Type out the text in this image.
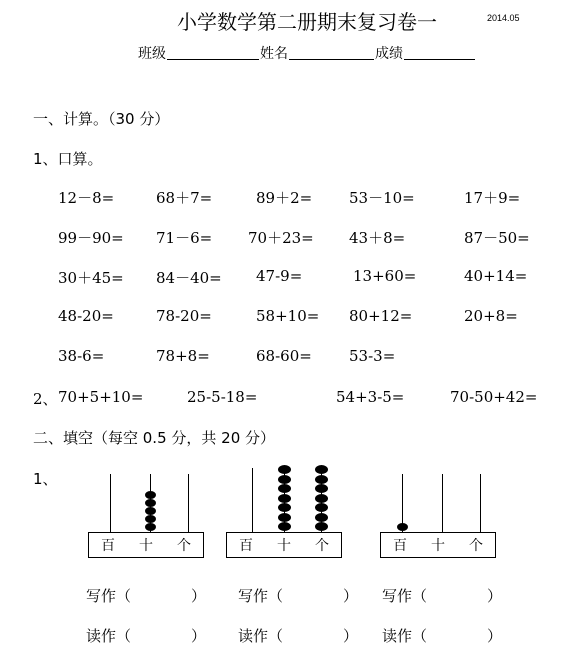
小学数学第二册期末复习卷一	2014.05
班级	姓名	成绩
一、计算。（30 分）
1、口算。
12－8=	68＋7=	89＋2= 53－10=	17＋9=
99－90= 71－6= 70＋23= 43＋8=	87－50=
30＋45= 84－40= 47-9=	13+60=	40+14=
48-20=	78-20=	58+10= 80+12=	20+8=
38-6=	78+8=	68-60= 53-3=
2、 70+5+10=	25-5-18=	54+3-5=	70-50+42=
二、填空（每空 0.5 分，共 20 分）
1、
百 十 个	百 十 个	百 十 个
写作（　　　　） 写作（　　　　） 写作（　　　　）
读作（　　　　） 读作（　　　　） 读作（　　　　）
